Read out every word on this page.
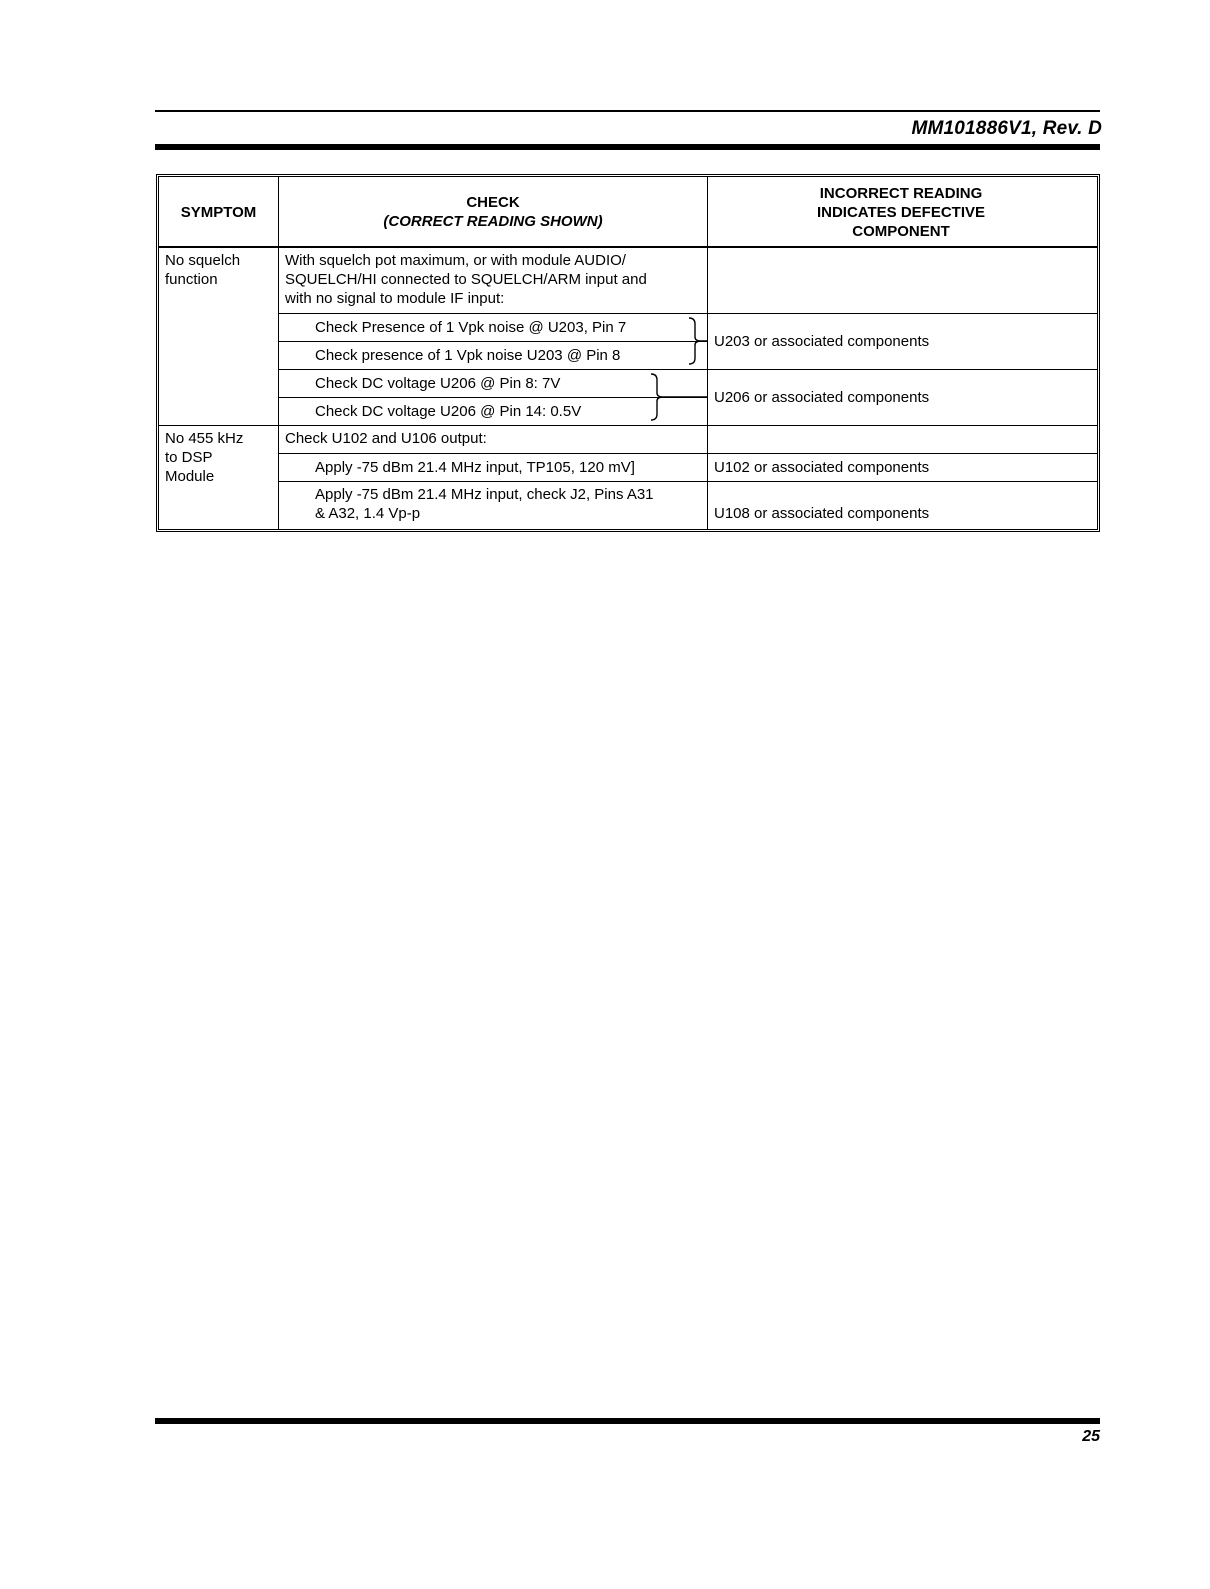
MM101886V1, Rev. D
SYMPTOM
CHECK
(CORRECT READING SHOWN)
INCORRECT READING
INDICATES DEFECTIVE
COMPONENT
No squelch
function
With squelch pot maximum, or with module AUDIO/
SQUELCH/HI connected to SQUELCH/ARM input and
with no signal to module IF input:
Check Presence of 1 Vpk noise @ U203, Pin 7
Check presence of 1 Vpk noise U203 @ Pin 8
U203 or associated components
Check DC voltage U206 @ Pin 8: 7V
Check DC voltage U206 @ Pin 14: 0.5V
U206 or associated components
No 455 kHz
to DSP
Module
Check U102 and U106 output:
Apply -75 dBm 21.4 MHz input, TP105, 120 mV]	U102 or associated components
Apply -75 dBm 21.4 MHz input, check J2, Pins A31
& A32, 1.4 Vp-p	U108 or associated components
25
